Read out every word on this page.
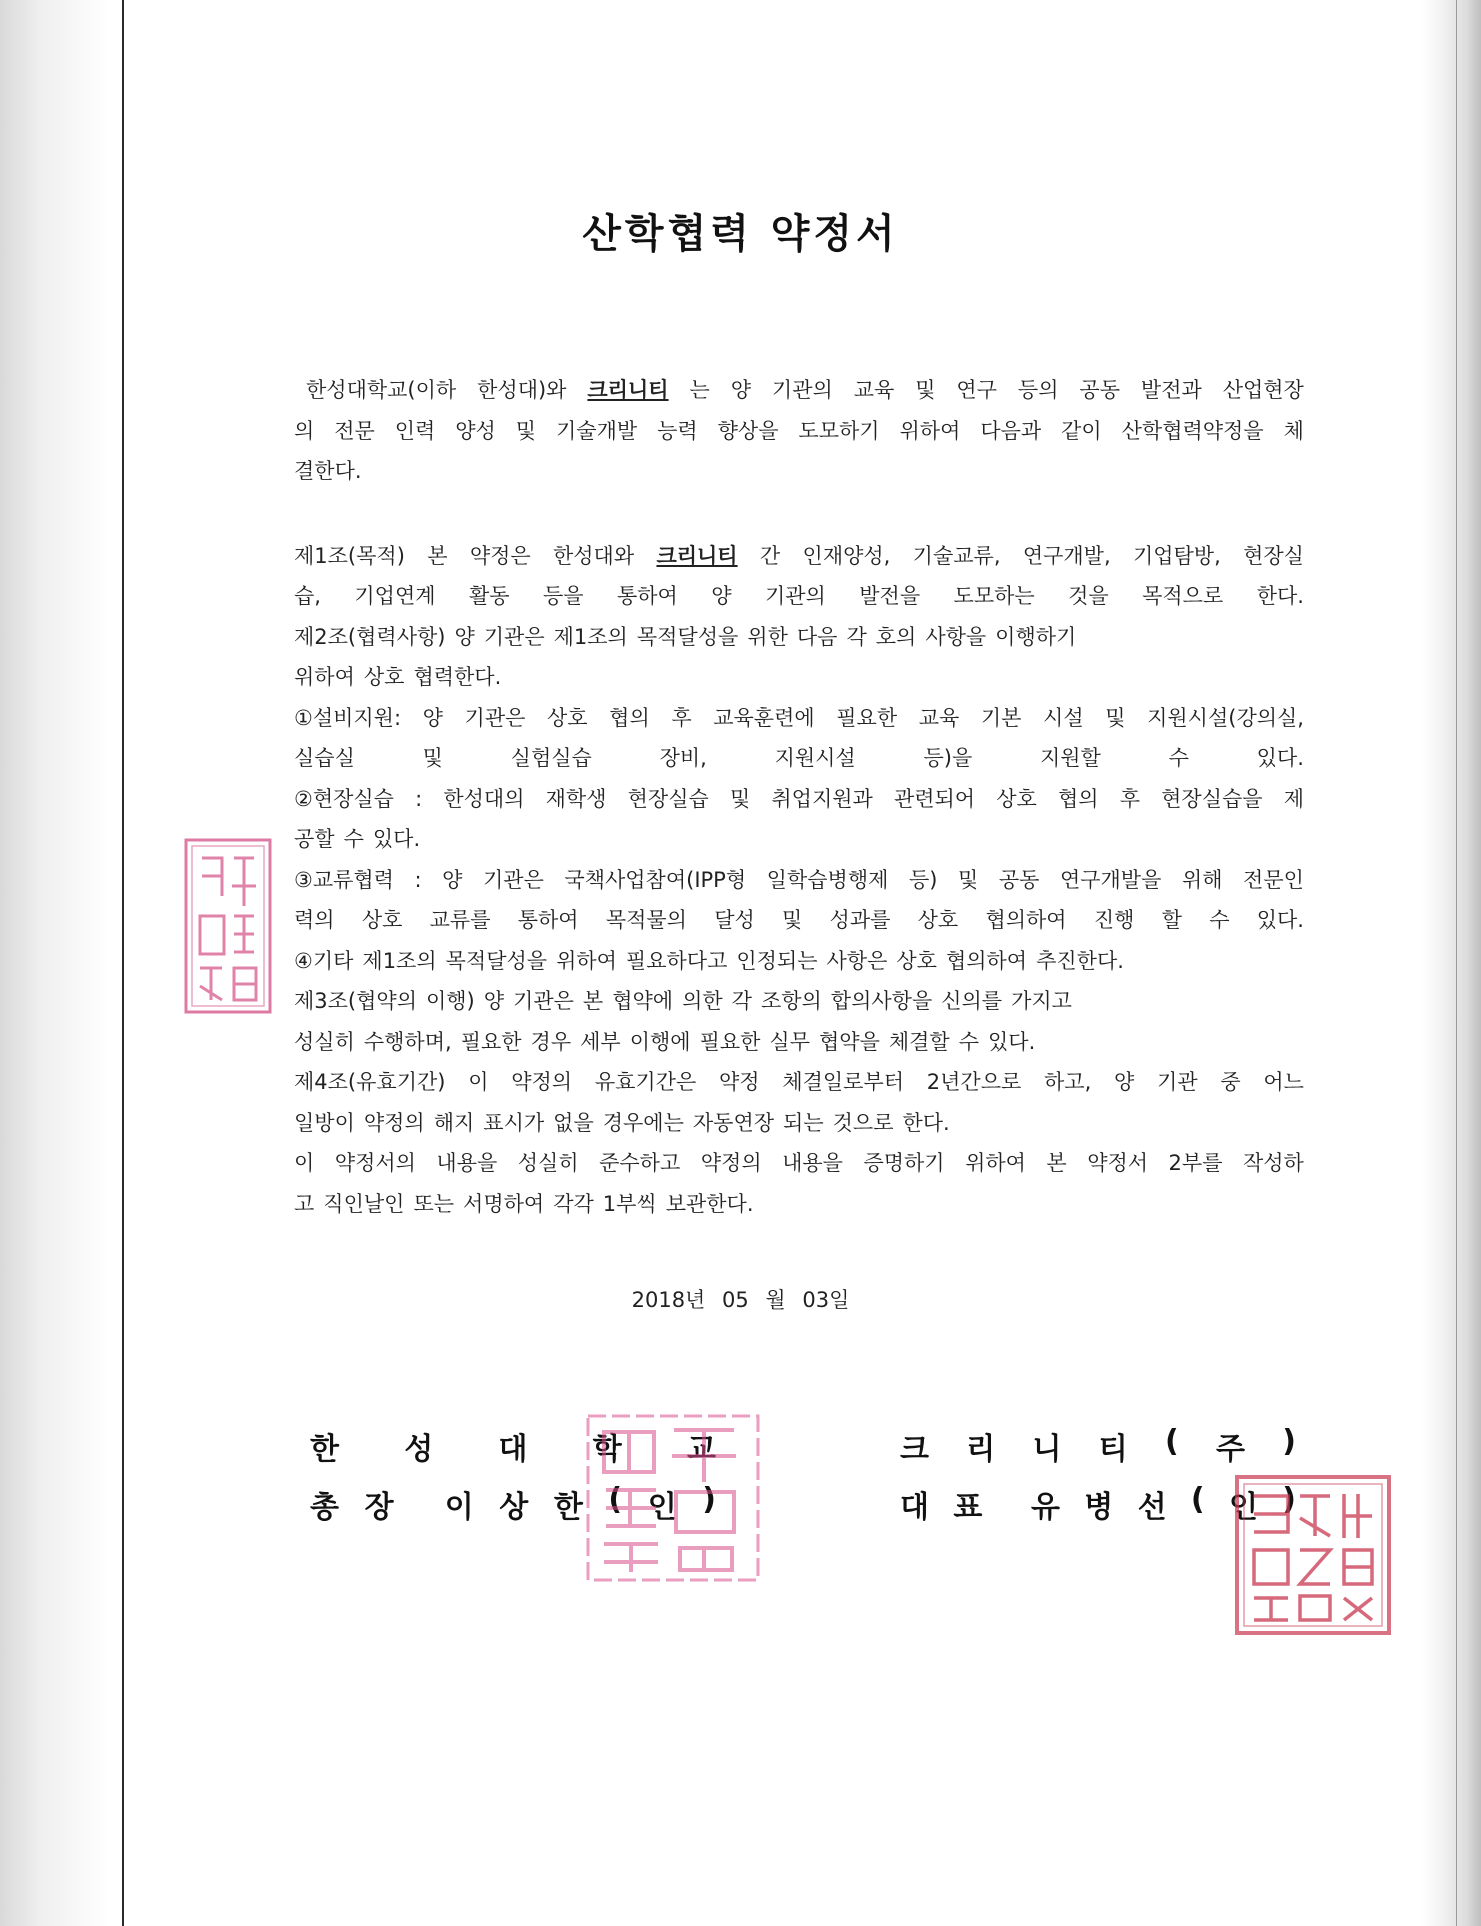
산학협력 약정서
한성대학교(이하 한성대)와 크리니티 는 양 기관의 교육 및 연구 등의 공동 발전과 산업현장
의 전문 인력 양성 및 기술개발 능력 향상을 도모하기 위하여 다음과 같이 산학협력약정을 체
결한다.
제1조(목적) 본 약정은 한성대와 크리니티 간 인재양성, 기술교류, 연구개발, 기업탐방, 현장실
습, 기업연계 활동 등을 통하여 양 기관의 발전을 도모하는 것을 목적으로 한다.
제2조(협력사항) 양 기관은 제1조의 목적달성을 위한 다음 각 호의 사항을 이행하기
위하여 상호 협력한다.
①설비지원: 양 기관은 상호 협의 후 교육훈련에 필요한 교육 기본 시설 및 지원시설(강의실,
실습실	및	실험실습	장비,	지원시설	등)을	지원할	수	있다.
②현장실습 : 한성대의 재학생 현장실습 및 취업지원과 관련되어 상호 협의 후 현장실습을 제
공할 수 있다.
③교류협력 : 양 기관은 국책사업참여(IPP형 일학습병행제 등) 및 공동 연구개발을 위해 전문인
력의 상호 교류를 통하여 목적물의 달성 및 성과를 상호 협의하여 진행 할 수 있다.
④기타 제1조의 목적달성을 위하여 필요하다고 인정되는 사항은 상호 협의하여 추진한다.
제3조(협약의 이행) 양 기관은 본 협약에 의한 각 조항의 합의사항을 신의를 가지고
성실히 수행하며, 필요한 경우 세부 이행에 필요한 실무 협약을 체결할 수 있다.
제4조(유효기간) 이 약정의 유효기간은 약정 체결일로부터 2년간으로 하고, 양 기관 중 어느
일방이 약정의 해지 표시가 없을 경우에는 자동연장 되는 것으로 한다.
이 약정서의 내용을 성실히 준수하고 약정의 내용을 증명하기 위하여 본 약정서 2부를 작성하
고 직인날인 또는 서명하여 각각 1부씩 보관한다.
2018년 05 월 03일
한 성 대 학 교
총 장 이 상 한 ( 인 )
크 리 니 티 ( 주 )
대 표 유 병 선 ( 인 )
